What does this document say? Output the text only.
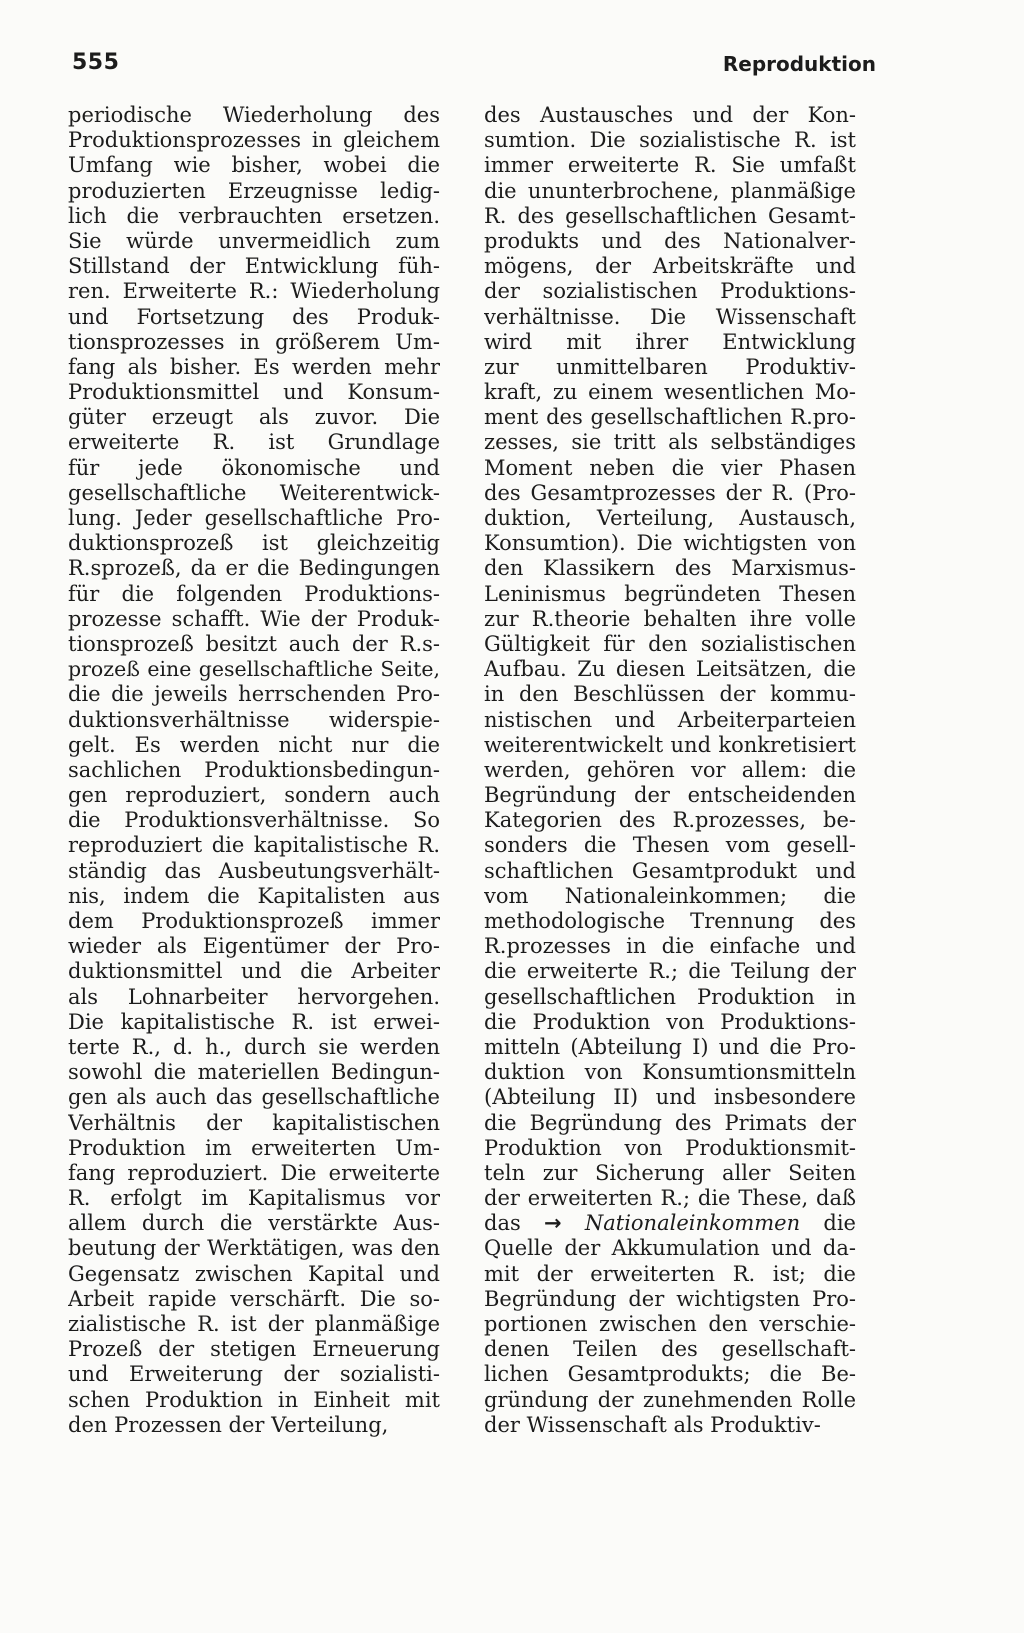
555	Reproduktion
periodische Wiederholung des
Produktionsprozesses in gleichem
Umfang wie bisher, wobei die
produzierten Erzeugnisse ledig-
lich die verbrauchten ersetzen.
Sie würde unvermeidlich zum
Stillstand der Entwicklung füh-
ren. Erweiterte R.: Wiederholung
und Fortsetzung des Produk-
tionsprozesses in größerem Um-
fang als bisher. Es werden mehr
Produktionsmittel und Konsum-
güter erzeugt als zuvor. Die
erweiterte R. ist Grundlage
für jede ökonomische und
gesellschaftliche Weiterentwick-
lung. Jeder gesellschaftliche Pro-
duktionsprozeß ist gleichzeitig
R.sprozeß, da er die Bedingungen
für die folgenden Produktions-
prozesse schafft. Wie der Produk-
tionsprozeß besitzt auch der R.s-
prozeß eine gesellschaftliche Seite,
die die jeweils herrschenden Pro-
duktionsverhältnisse widerspie-
gelt. Es werden nicht nur die
sachlichen Produktionsbedingun-
gen reproduziert, sondern auch
die Produktionsverhältnisse. So
reproduziert die kapitalistische R.
ständig das Ausbeutungsverhält-
nis, indem die Kapitalisten aus
dem Produktionsprozeß immer
wieder als Eigentümer der Pro-
duktionsmittel und die Arbeiter
als Lohnarbeiter hervorgehen.
Die kapitalistische R. ist erwei-
terte R., d. h., durch sie werden
sowohl die materiellen Bedingun-
gen als auch das gesellschaftliche
Verhältnis der kapitalistischen
Produktion im erweiterten Um-
fang reproduziert. Die erweiterte
R. erfolgt im Kapitalismus vor
allem durch die verstärkte Aus-
beutung der Werktätigen, was den
Gegensatz zwischen Kapital und
Arbeit rapide verschärft. Die so-
zialistische R. ist der planmäßige
Prozeß der stetigen Erneuerung
und Erweiterung der sozialisti-
schen Produktion in Einheit mit
den Prozessen der Verteilung,
des Austausches und der Kon-
sumtion. Die sozialistische R. ist
immer erweiterte R. Sie umfaßt
die ununterbrochene, planmäßige
R. des gesellschaftlichen Gesamt-
produkts und des Nationalver-
mögens, der Arbeitskräfte und
der sozialistischen Produktions-
verhältnisse. Die Wissenschaft
wird mit ihrer Entwicklung
zur unmittelbaren Produktiv-
kraft, zu einem wesentlichen Mo-
ment des gesellschaftlichen R.pro-
zesses, sie tritt als selbständiges
Moment neben die vier Phasen
des Gesamtprozesses der R. (Pro-
duktion, Verteilung, Austausch,
Konsumtion). Die wichtigsten von
den Klassikern des Marxismus-
Leninismus begründeten Thesen
zur R.theorie behalten ihre volle
Gültigkeit für den sozialistischen
Aufbau. Zu diesen Leitsätzen, die
in den Beschlüssen der kommu-
nistischen und Arbeiterparteien
weiterentwickelt und konkretisiert
werden, gehören vor allem: die
Begründung der entscheidenden
Kategorien des R.prozesses, be-
sonders die Thesen vom gesell-
schaftlichen Gesamtprodukt und
vom Nationaleinkommen; die
methodologische Trennung des
R.prozesses in die einfache und
die erweiterte R.; die Teilung der
gesellschaftlichen Produktion in
die Produktion von Produktions-
mitteln (Abteilung I) und die Pro-
duktion von Konsumtionsmitteln
(Abteilung II) und insbesondere
die Begründung des Primats der
Produktion von Produktionsmit-
teln zur Sicherung aller Seiten
der erweiterten R.; die These, daß
das → Nationaleinkommen die
Quelle der Akkumulation und da-
mit der erweiterten R. ist; die
Begründung der wichtigsten Pro-
portionen zwischen den verschie-
denen Teilen des gesellschaft-
lichen Gesamtprodukts; die Be-
gründung der zunehmenden Rolle
der Wissenschaft als Produktiv-
